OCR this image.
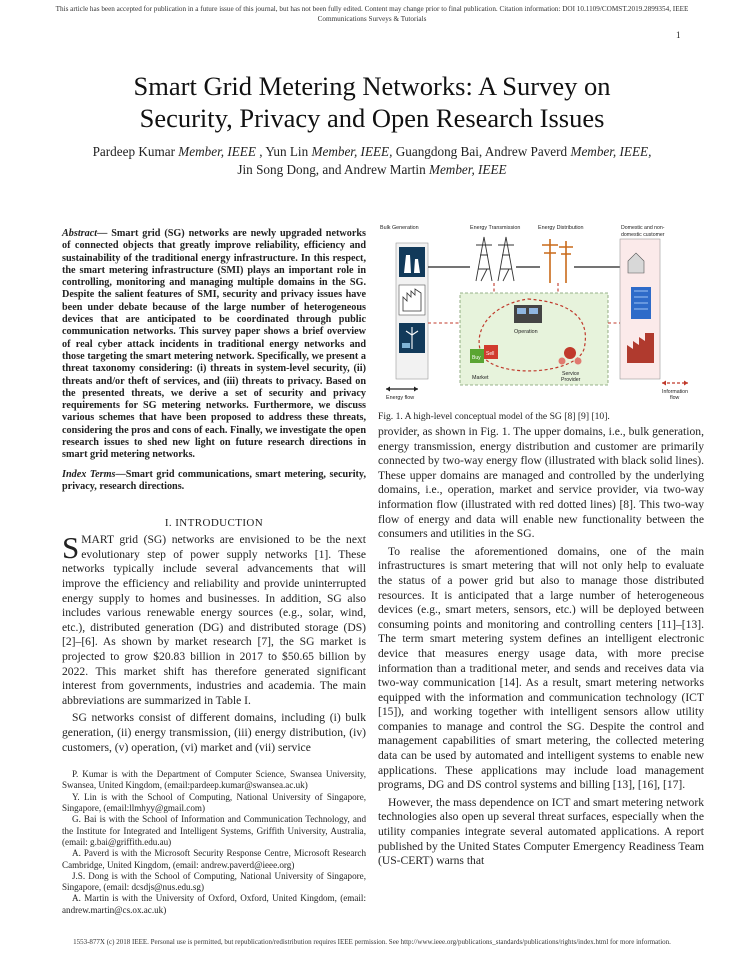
This article has been accepted for publication in a future issue of this journal, but has not been fully edited. Content may change prior to final publication. Citation information: DOI 10.1109/COMST.2019.2899354, IEEE
Communications Surveys & Tutorials
1
Smart Grid Metering Networks: A Survey on
Security, Privacy and Open Research Issues
Pardeep Kumar Member, IEEE , Yun Lin Member, IEEE, Guangdong Bai, Andrew Paverd Member, IEEE,
Jin Song Dong, and Andrew Martin Member, IEEE

Abstract— Smart grid (SG) networks are newly upgraded networks of connected objects that greatly improve reliability, efficiency and sustainability of the traditional energy infrastructure. In this respect, the smart metering infrastructure (SMI) plays an important role in controlling, monitoring and managing multiple domains in the SG. Despite the salient features of SMI, security and privacy issues have been under debate because of the large number of heterogeneous devices that are anticipated to be coordinated through public communication networks. This survey paper shows a brief overview of real cyber attack incidents in traditional energy networks and those targeting the smart metering network. Specifically, we present a threat taxonomy considering: (i) threats in system-level security, (ii) threats and/or theft of services, and (iii) threats to privacy. Based on the presented threats, we derive a set of security and privacy requirements for SG metering networks. Furthermore, we discuss various schemes that have been proposed to address these threats, considering the pros and cons of each. Finally, we investigate the open research issues to shed new light on future research directions in smart grid metering networks.

Index Terms—Smart grid communications, smart metering, security, privacy, research directions.

I. INTRODUCTION

SMART grid (SG) networks are envisioned to be the next evolutionary step of power supply networks [1]. These networks typically include several advancements that will improve the efficiency and reliability and provide uninterrupted energy supply to homes and businesses. In addition, SG also includes various renewable energy sources (e.g., solar, wind, etc.), distributed generation (DG) and distributed storage (DS) [2]–[6]. As shown by market research [7], the SG market is projected to grow $20.83 billion in 2017 to $50.65 billion by 2022. This market shift has therefore generated significant interest from governments, industries and academia. The main abbreviations are summarized in Table I.

SG networks consist of different domains, including (i) bulk generation, (ii) energy transmission, (iii) energy distribution, (iv) customers, (v) operation, (vi) market and (vii) service

P. Kumar is with the Department of Computer Science, Swansea University, Swansea, United Kingdom, (email:pardeep.kumar@swansea.ac.uk)

Y. Lin is with the School of Computing, National University of Singapore, Singapore, (email:llmhyy@gmail.com)

G. Bai is with the School of Information and Communication Technology, and the Institute for Integrated and Intelligent Systems, Griffith University, Australia, (email: g.bai@griffith.edu.au)

A. Paverd is with the Microsoft Security Response Centre, Microsoft Research Cambridge, United Kingdom, (email: andrew.paverd@ieee.org)

J.S. Dong is with the School of Computing, National University of Singapore, Singapore, (email: dcsdjs@nus.edu.sg)

A. Martin is with the University of Oxford, Oxford, United Kingdom, (email: andrew.martin@cs.ox.ac.uk)

Bulk Generation	Energy Transmission	Energy Distribution	Domestic and non-
domestic customer
Operation
Buy
Sell
Market
Service
Provider
Energy flow
Information
flow
Fig. 1. A high-level conceptual model of the SG [8] [9] [10].

provider, as shown in Fig. 1. The upper domains, i.e., bulk generation, energy transmission, energy distribution and customer are primarily connected by two-way energy flow (illustrated with black solid lines). These upper domains are managed and controlled by the underlying domains, i.e., operation, market and service provider, via two-way information flow (illustrated with red dotted lines) [8]. This two-way flow of energy and data will enable new functionality between the consumers and utilities in the SG.

To realise the aforementioned domains, one of the main infrastructures is smart metering that will not only help to evaluate the status of a power grid but also to manage those distributed resources. It is anticipated that a large number of heterogeneous devices (e.g., smart meters, sensors, etc.) will be deployed between consuming points and monitoring and controlling centers [11]–[13]. The term smart metering system defines an intelligent electronic device that measures energy usage data, with more precise information than a traditional meter, and sends and receives data via two-way communication [14]. As a result, smart metering networks equipped with the information and communication technology (ICT [15]), and working together with intelligent sensors allow utility companies to manage and control the SG. Despite the control and management capabilities of smart metering, the collected metering data can be used by automated and intelligent systems to enable new applications. These applications may include load management programs, DG and DS control systems and billing [13], [16], [17].

However, the mass dependence on ICT and smart metering network technologies also open up several threat surfaces, especially when the utility companies integrate several automated applications. A report published by the United States Computer Emergency Readiness Team (US-CERT) warns that

1553-877X (c) 2018 IEEE. Personal use is permitted, but republication/redistribution requires IEEE permission. See http://www.ieee.org/publications_standards/publications/rights/index.html for more information.
